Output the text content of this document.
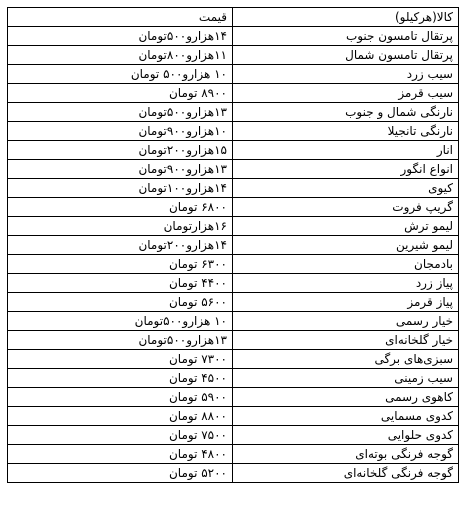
کالا(هرکیلو)	قیمت
پرتقال تامسون جنوب	۱۴هزارو۵۰۰تومان
پرتقال تامسون شمال	۱۱هزارو۸۰۰تومان
سیب زرد	۱۰ هزارو۵۰۰ تومان
سیب قرمز	۸۹۰۰ تومان
نارنگی شمال و جنوب	۱۳هزارو۵۰۰تومان
نارنگی تانجیلا	۱۰هزارو۹۰۰تومان
انار	۱۵هزارو۲۰۰تومان
انواع انگور	۱۳هزارو۹۰۰تومان
کیوی	۱۴هزارو۱۰۰تومان
گریپ فروت	۶۸۰۰ تومان
لیمو ترش	۱۶هزارتومان
لیمو شیرین	۱۴هزارو۲۰۰تومان
بادمجان	۶۳۰۰ تومان
پیاز زرد	۴۴۰۰ تومان
پیاز قرمز	۵۶۰۰ تومان
خیار رسمی	۱۰ هزارو۵۰۰تومان
خیار گلخانه‌ای	۱۳هزارو۵۰۰تومان
سبزی‌های برگی	۷۳۰۰ تومان
سیب زمینی	۴۵۰۰ تومان
کاهوی رسمی	۵۹۰۰ تومان
کدوی مسمایی	۸۸۰۰ تومان
کدوی حلوایی	۷۵۰۰ تومان
گوجه فرنگی بوته‌ای	۴۸۰۰ تومان
گوجه فرنگی گلخانه‌ای	۵۲۰۰ تومان
